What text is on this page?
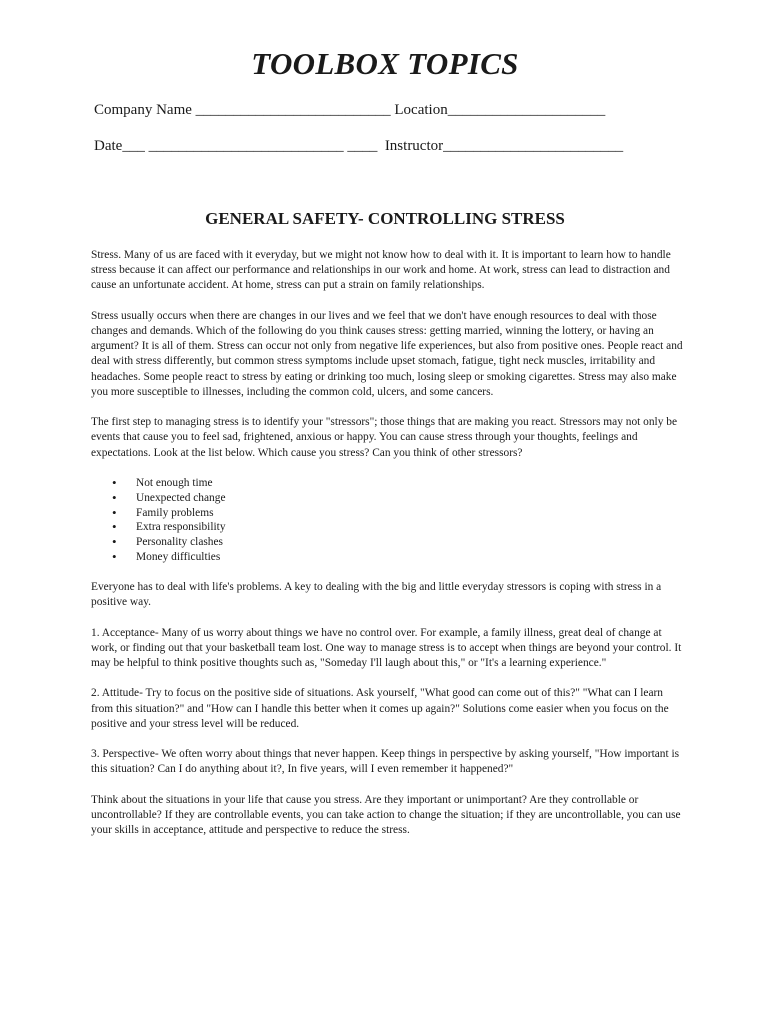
TOOLBOX TOPICS
Company Name __________________________ Location_____________________
Date___ __________________________ ____  Instructor________________________
GENERAL SAFETY- CONTROLLING STRESS

Stress. Many of us are faced with it everyday, but we might not know how to deal with it. It is important to learn how to handle stress because it can affect our performance and relationships in our work and home. At work, stress can lead to distraction and cause an unfortunate accident. At home, stress can put a strain on family relationships.

Stress usually occurs when there are changes in our lives and we feel that we don't have enough resources to deal with those changes and demands. Which of the following do you think causes stress: getting married, winning the lottery, or having an argument? It is all of them. Stress can occur not only from negative life experiences, but also from positive ones. People react and deal with stress differently, but common stress symptoms include upset stomach, fatigue, tight neck muscles, irritability and headaches. Some people react to stress by eating or drinking too much, losing sleep or smoking cigarettes. Stress may also make you more susceptible to illnesses, including the common cold, ulcers, and some cancers.

The first step to managing stress is to identify your "stressors"; those things that are making you react. Stressors may not only be events that cause you to feel sad, frightened, anxious or happy. You can cause stress through your thoughts, feelings and expectations. Look at the list below. Which cause you stress? Can you think of other stressors?

• Not enough time
• Unexpected change
• Family problems
• Extra responsibility
• Personality clashes
• Money difficulties

Everyone has to deal with life's problems. A key to dealing with the big and little everyday stressors is coping with stress in a positive way.

1. Acceptance- Many of us worry about things we have no control over. For example, a family illness, great deal of change at work, or finding out that your basketball team lost. One way to manage stress is to accept when things are beyond your control. It may be helpful to think positive thoughts such as, "Someday I'll laugh about this," or "It's a learning experience."

2. Attitude- Try to focus on the positive side of situations. Ask yourself, "What good can come out of this?" "What can I learn from this situation?" and "How can I handle this better when it comes up again?" Solutions come easier when you focus on the positive and your stress level will be reduced.

3. Perspective- We often worry about things that never happen. Keep things in perspective by asking yourself, "How important is this situation? Can I do anything about it?, In five years, will I even remember it happened?"

Think about the situations in your life that cause you stress. Are they important or unimportant? Are they controllable or uncontrollable? If they are controllable events, you can take action to change the situation; if they are uncontrollable, you can use your skills in acceptance, attitude and perspective to reduce the stress.
